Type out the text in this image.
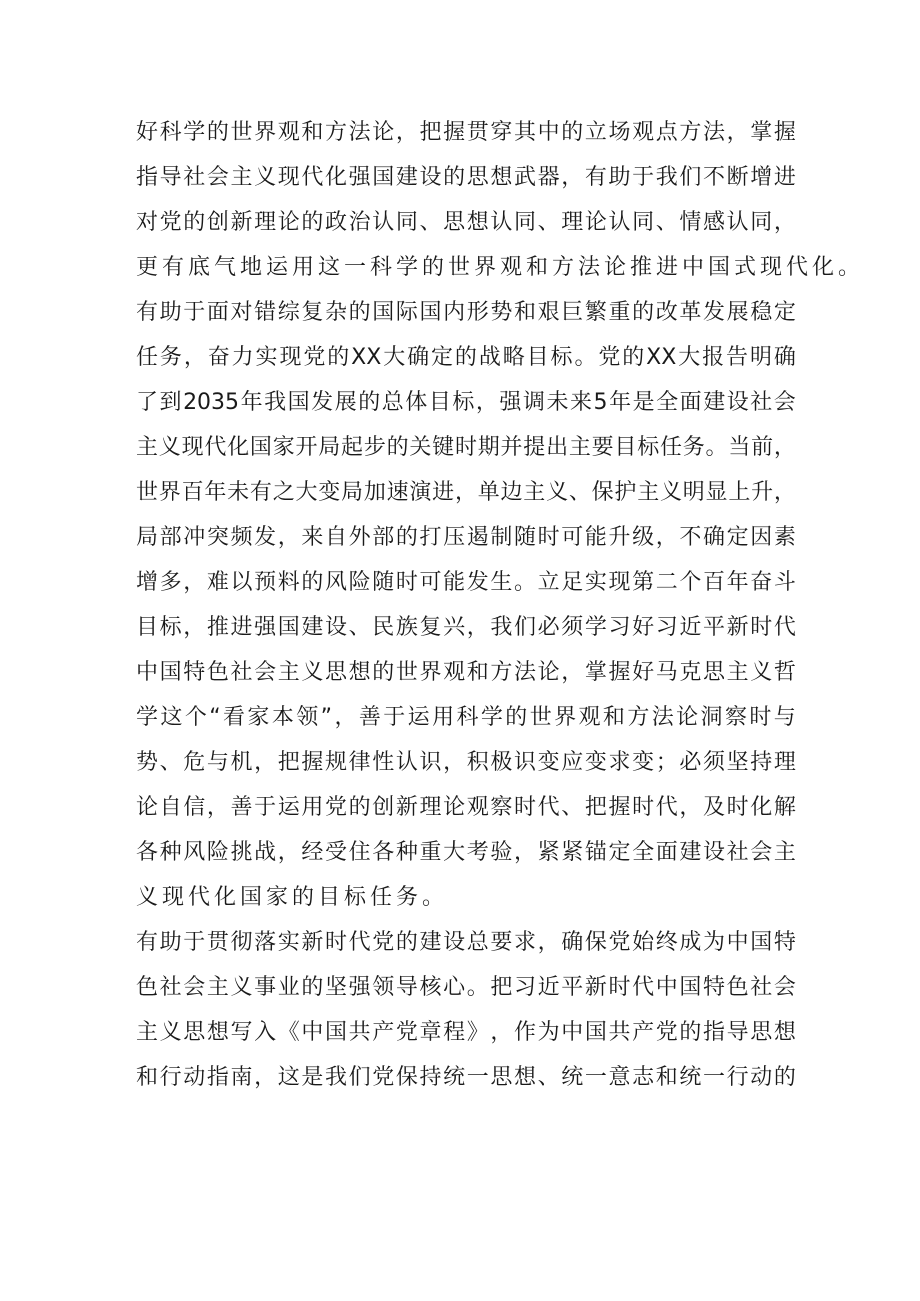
好 科 学 的 世 界 观 和 方 法 论 ， 把 握 贯 穿 其 中 的 立 场 观 点 方 法 ， 掌 握
指 导 社 会 主 义 现 代 化 强 国 建 设 的 思 想 武 器 ， 有 助 于 我 们 不 断 增 进
对 党 的 创 新 理 论 的 政 治 认 同 、 思 想 认 同 、 理 论 认 同 、 情 感 认 同 ，
更有底气地运用这一科学的世界观和方法论推进中国式现代化。
有 助 于 面 对 错 综 复 杂 的 国 际 国 内 形 势 和 艰 巨 繁 重 的 改 革 发 展 稳 定
任 务 ， 奋 力 实 现 党 的 XX 大 确 定 的 战 略 目 标 。 党 的 XX 大 报 告 明 确
了 到 2035 年 我 国 发 展 的 总 体 目 标 ， 强 调 未 来 5 年 是 全 面 建 设 社 会
主 义 现 代 化 国 家 开 局 起 步 的 关 键 时 期 并 提 出 主 要 目 标 任 务 。 当 前 ，
世 界 百 年 未 有 之 大 变 局 加 速 演 进 ， 单 边 主 义 、 保 护 主 义 明 显 上 升 ，
局 部 冲 突 频 发 ， 来 自 外 部 的 打 压 遏 制 随 时 可 能 升 级 ， 不 确 定 因 素
增 多 ， 难 以 预 料 的 风 险 随 时 可 能 发 生 。 立 足 实 现 第 二 个 百 年 奋 斗
目 标 ， 推 进 强 国 建 设 、 民 族 复 兴 ， 我 们 必 须 学 习 好 习 近 平 新 时 代
中 国 特 色 社 会 主 义 思 想 的 世 界 观 和 方 法 论 ， 掌 握 好 马 克 思 主 义 哲
学 这 个 “ 看 家 本 领 ” ， 善 于 运 用 科 学 的 世 界 观 和 方 法 论 洞 察 时 与
势 、 危 与 机 ， 把 握 规 律 性 认 识 ， 积 极 识 变 应 变 求 变 ； 必 须 坚 持 理
论 自 信 ， 善 于 运 用 党 的 创 新 理 论 观 察 时 代 、 把 握 时 代 ， 及 时 化 解
各 种 风 险 挑 战 ， 经 受 住 各 种 重 大 考 验 ， 紧 紧 锚 定 全 面 建 设 社 会 主
义现代化国家的目标任务。
有 助 于 贯 彻 落 实 新 时 代 党 的 建 设 总 要 求 ， 确 保 党 始 终 成 为 中 国 特
色 社 会 主 义 事 业 的 坚 强 领 导 核 心 。 把 习 近 平 新 时 代 中 国 特 色 社 会
主 义 思 想 写 入 《 中 国 共 产 党 章 程 》 ， 作 为 中 国 共 产 党 的 指 导 思 想
和 行 动 指 南 ， 这 是 我 们 党 保 持 统 一 思 想 、 统 一 意 志 和 统 一 行 动 的
